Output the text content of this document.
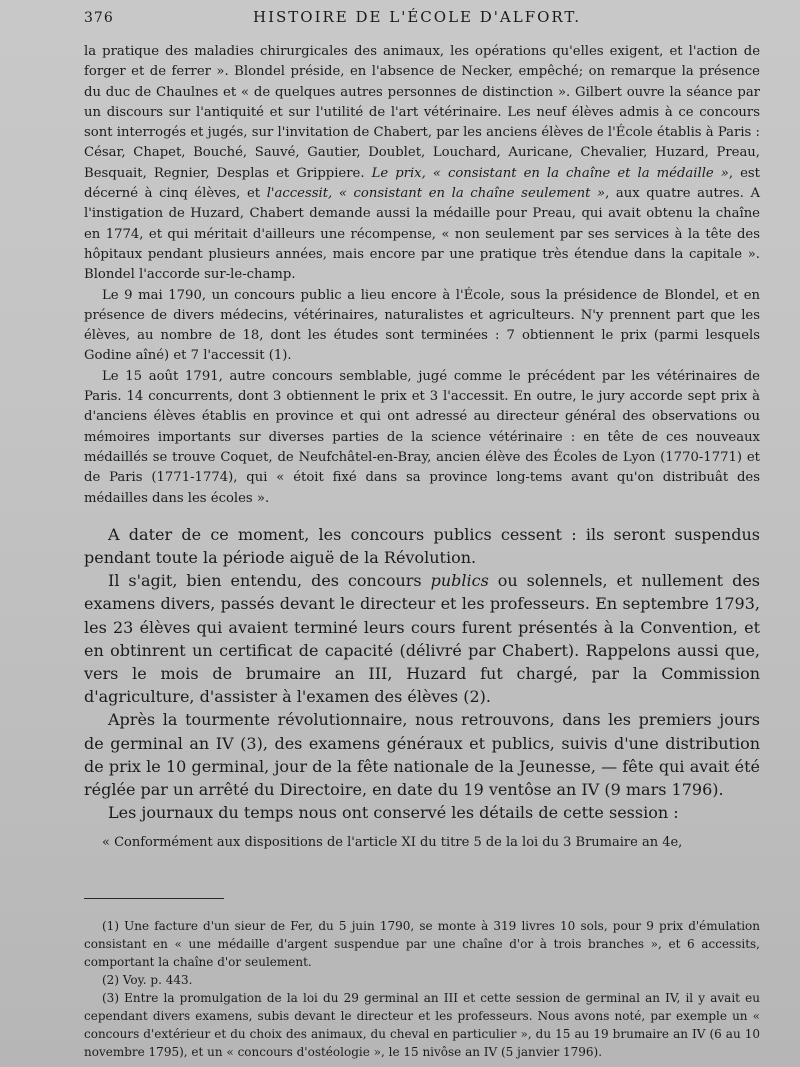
376	HISTOIRE DE L'ÉCOLE D'ALFORT.

la pratique des maladies chirurgicales des animaux, les opérations qu'elles exigent, et l'action de forger et de ferrer ». Blondel préside, en l'absence de Necker, empêché; on remarque la présence du duc de Chaulnes et « de quelques autres personnes de distinction ». Gilbert ouvre la séance par un discours sur l'antiquité et sur l'utilité de l'art vétérinaire. Les neuf élèves admis à ce concours sont interrogés et jugés, sur l'invitation de Chabert, par les anciens élèves de l'École établis à Paris : César, Chapet, Bouché, Sauvé, Gautier, Doublet, Louchard, Auricane, Chevalier, Huzard, Preau, Besquait, Regnier, Desplas et Grippiere. Le prix, « consistant en la chaîne et la médaille », est décerné à cinq élèves, et l'accessit, « consistant en la chaîne seulement », aux quatre autres. A l'instigation de Huzard, Chabert demande aussi la médaille pour Preau, qui avait obtenu la chaîne en 1774, et qui méritait d'ailleurs une récompense, « non seulement par ses services à la tête des hôpitaux pendant plusieurs années, mais encore par une pratique très étendue dans la capitale ». Blondel l'accorde sur-le-champ.

Le 9 mai 1790, un concours public a lieu encore à l'École, sous la présidence de Blondel, et en présence de divers médecins, vétérinaires, naturalistes et agriculteurs. N'y prennent part que les élèves, au nombre de 18, dont les études sont terminées : 7 obtiennent le prix (parmi lesquels Godine aîné) et 7 l'accessit (1).

Le 15 août 1791, autre concours semblable, jugé comme le précédent par les vétérinaires de Paris. 14 concurrents, dont 3 obtiennent le prix et 3 l'accessit. En outre, le jury accorde sept prix à d'anciens élèves établis en province et qui ont adressé au directeur général des observations ou mémoires importants sur diverses parties de la science vétérinaire : en tête de ces nouveaux médaillés se trouve Coquet, de Neufchâtel-en-Bray, ancien élève des Écoles de Lyon (1770-1771) et de Paris (1771-1774), qui « étoit fixé dans sa province long-tems avant qu'on distribuât des médailles dans les écoles ».

A dater de ce moment, les concours publics cessent : ils seront suspendus pendant toute la période aiguë de la Révolution.

Il s'agit, bien entendu, des concours publics ou solennels, et nullement des examens divers, passés devant le directeur et les professeurs. En septembre 1793, les 23 élèves qui avaient terminé leurs cours furent présentés à la Convention, et en obtinrent un certificat de capacité (délivré par Chabert). Rappelons aussi que, vers le mois de brumaire an III, Huzard fut chargé, par la Commission d'agriculture, d'assister à l'examen des élèves (2).

Après la tourmente révolutionnaire, nous retrouvons, dans les premiers jours de germinal an IV (3), des examens généraux et publics, suivis d'une distribution de prix le 10 germinal, jour de la fête nationale de la Jeunesse, — fête qui avait été réglée par un arrêté du Directoire, en date du 19 ventôse an IV (9 mars 1796).

Les journaux du temps nous ont conservé les détails de cette session :

« Conformément aux dispositions de l'article XI du titre 5 de la loi du 3 Brumaire an 4e,

(1) Une facture d'un sieur de Fer, du 5 juin 1790, se monte à 319 livres 10 sols, pour 9 prix d'émulation consistant en « une médaille d'argent suspendue par une chaîne d'or à trois branches », et 6 accessits, comportant la chaîne d'or seulement.

(2) Voy. p. 443.

(3) Entre la promulgation de la loi du 29 germinal an III et cette session de germinal an IV, il y avait eu cependant divers examens, subis devant le directeur et les professeurs. Nous avons noté, par exemple un « concours d'extérieur et du choix des animaux, du cheval en particulier », du 15 au 19 brumaire an IV (6 au 10 novembre 1795), et un « concours d'ostéologie », le 15 nivôse an IV (5 janvier 1796).
